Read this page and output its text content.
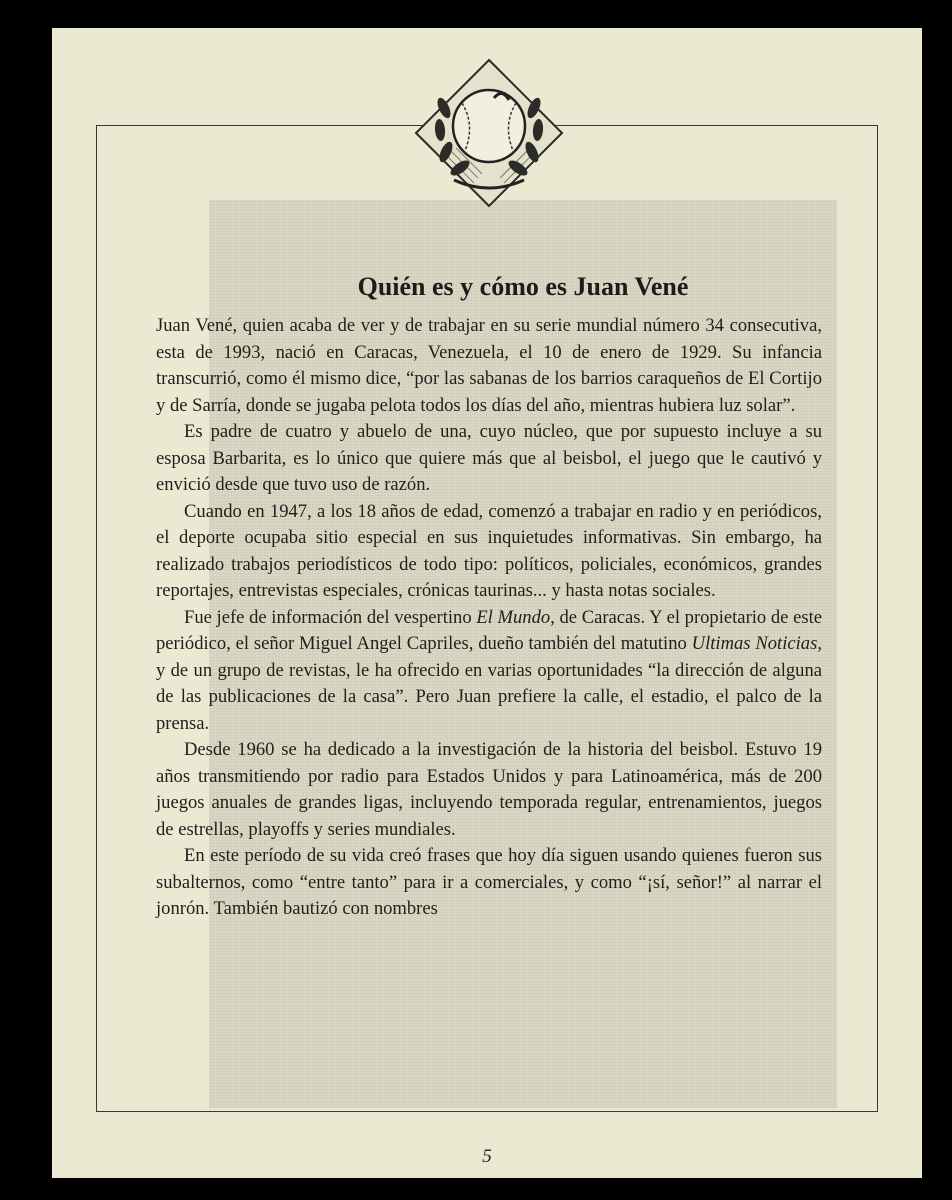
Quién es y cómo es Juan Vené

Juan Vené, quien acaba de ver y de trabajar en su serie mundial número 34 consecutiva, esta de 1993, nació en Caracas, Venezuela, el 10 de enero de 1929. Su infancia transcurrió, como él mismo dice, “por las sabanas de los barrios caraqueños de El Cortijo y de Sarría, donde se jugaba pelota todos los días del año, mientras hubiera luz solar”.

Es padre de cuatro y abuelo de una, cuyo núcleo, que por supuesto incluye a su esposa Barbarita, es lo único que quiere más que al beisbol, el juego que le cautivó y envició desde que tuvo uso de razón.

Cuando en 1947, a los 18 años de edad, comenzó a trabajar en radio y en periódicos, el deporte ocupaba sitio especial en sus inquietudes informativas. Sin embargo, ha realizado trabajos periodísticos de todo tipo: políticos, policiales, económicos, grandes reportajes, entrevistas especiales, crónicas taurinas... y hasta notas sociales.

Fue jefe de información del vespertino El Mundo, de Caracas. Y el propietario de este periódico, el señor Miguel Angel Capriles, dueño también del matutino Ultimas Noticias, y de un grupo de revistas, le ha ofrecido en varias oportunidades “la dirección de alguna de las publicaciones de la casa”. Pero Juan prefiere la calle, el estadio, el palco de la prensa.

Desde 1960 se ha dedicado a la investigación de la historia del beisbol. Estuvo 19 años transmitiendo por radio para Estados Unidos y para Latinoamérica, más de 200 juegos anuales de grandes ligas, incluyendo temporada regular, entrenamientos, juegos de estrellas, playoffs y series mundiales.

En este período de su vida creó frases que hoy día siguen usando quienes fueron sus subalternos, como “entre tanto” para ir a comerciales, y como “¡sí, señor!” al narrar el jonrón. También bautizó con nombres

5
